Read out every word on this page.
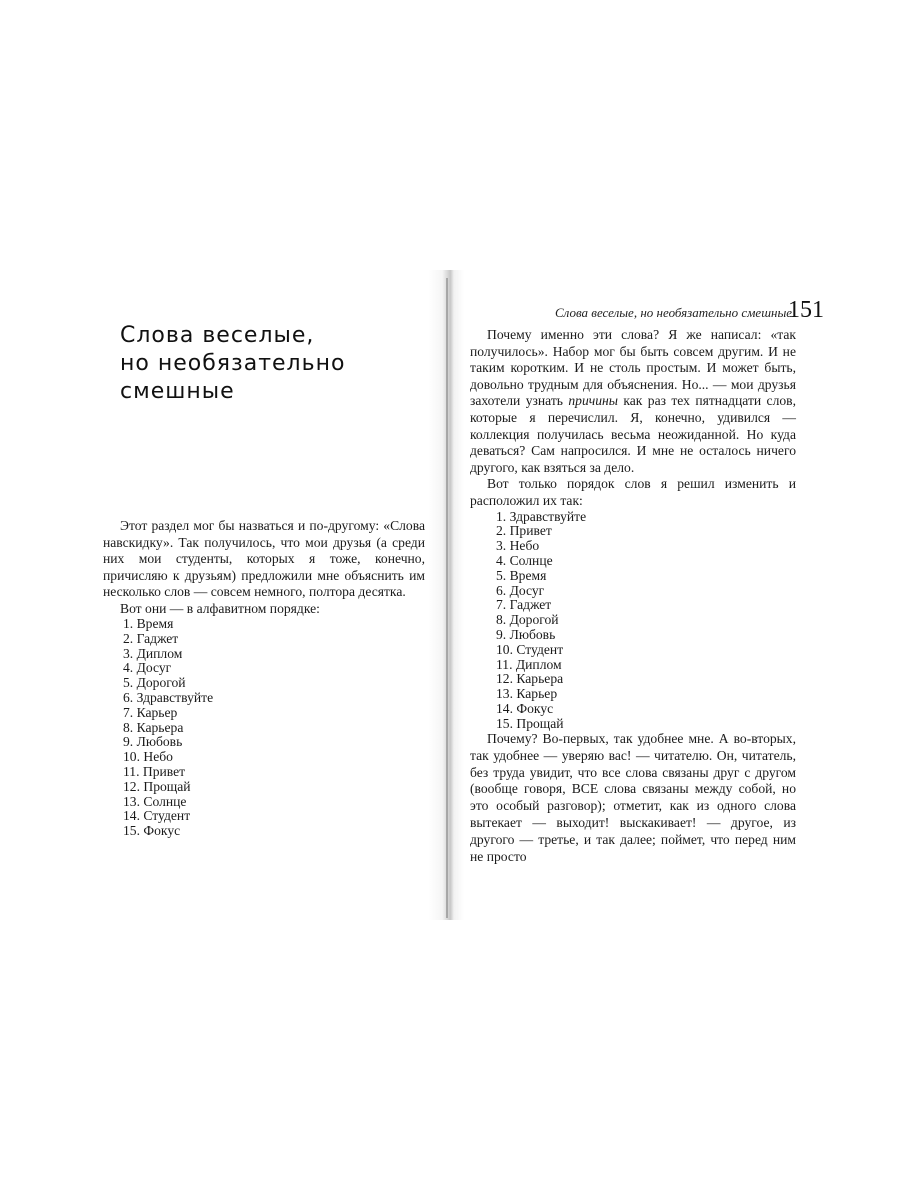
Слова веселые,
но необязательно смешные

Этот раздел мог бы назваться и по-другому: «Слова навскидку». Так получилось, что мои друзья (а среди них мои студенты, которых я тоже, конечно, причисляю к друзьям) предложили мне объяснить им несколько слов — совсем немного, полтора десятка.

Вот они — в алфавитном порядке:

1. Время
2. Гаджет
3. Диплом
4. Досуг
5. Дорогой
6. Здравствуйте
7. Карьер
8. Карьера
9. Любовь
10. Небо
11. Привет
12. Прощай
13. Солнце
14. Студент
15. Фокус
Слова веселые, но необязательно смешные
151

Почему именно эти слова? Я же написал: «так получилось». Набор мог бы быть совсем другим. И не таким коротким. И не столь простым. И может быть, довольно трудным для объяснения. Но... — мои друзья захотели узнать причины как раз тех пятнадцати слов, которые я перечислил. Я, конечно, удивился — коллекция получилась весьма неожиданной. Но куда деваться? Сам напросился. И мне не осталось ничего другого, как взяться за дело.

Вот только порядок слов я решил изменить и расположил их так:

1. Здравствуйте
2. Привет
3. Небо
4. Солнце
5. Время
6. Досуг
7. Гаджет
8. Дорогой
9. Любовь
10. Студент
11. Диплом
12. Карьера
13. Карьер
14. Фокус
15. Прощай

Почему? Во-первых, так удобнее мне. А во-вторых, так удобнее — уверяю вас! — читателю. Он, читатель, без труда увидит, что все слова связаны друг с другом (вообще говоря, ВСЕ слова связаны между собой, но это особый разговор); отметит, как из одного слова вытекает — выходит! выскакивает! — другое, из другого — третье, и так далее; поймет, что перед ним не просто
